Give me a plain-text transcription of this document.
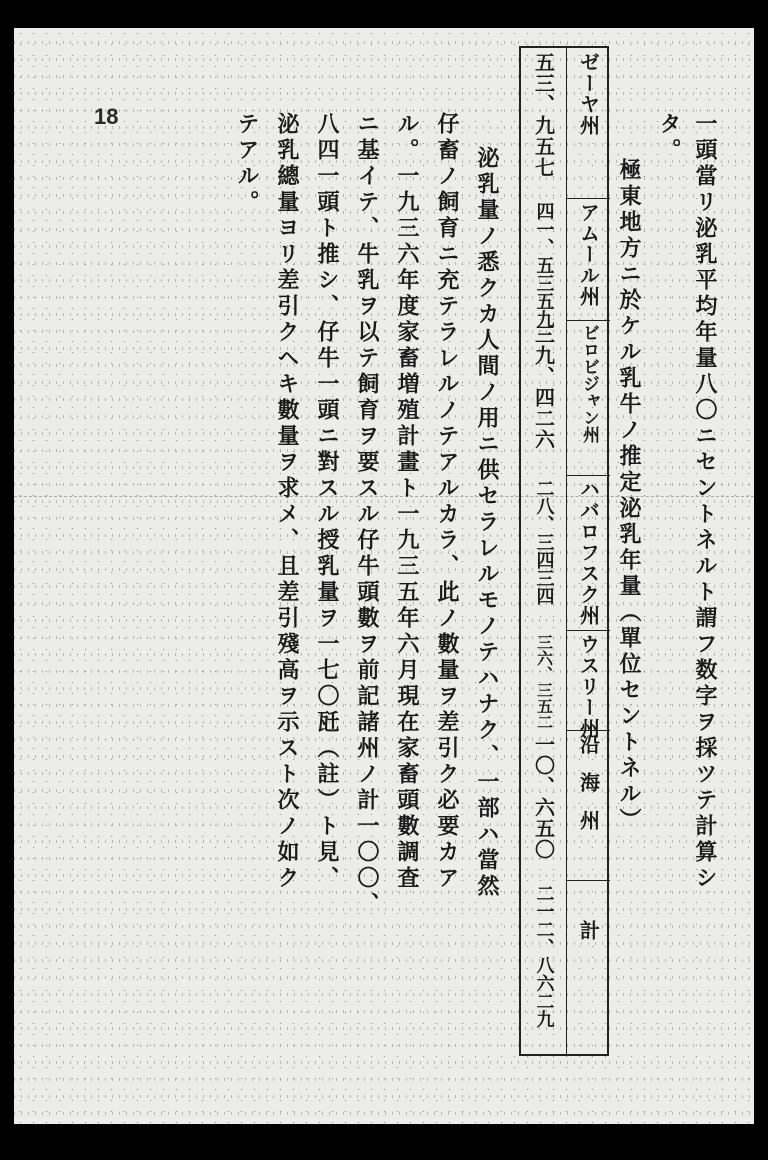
18	一頭當リ泌乳平均年量八〇ニセントネルト謂フ数字ヲ採ツテ計算シ
タ。
極東地方ニ於ケル乳牛ノ推定泌乳年量（單位セントネル）
ゼーヤ州
アムール州
ビロビジャン州
ハバロフスク州
ウスリー州
沿海州
計
五三、九五七
四一、五三五九
三九、四二六
二八、三四三四
三六、三五二
一〇、六五〇
二一二、八六二九
泌乳量ノ悉クカ人間ノ用ニ供セラレルモノテハナク、一部ハ當然
仔畜ノ飼育ニ充テラレルノテアルカラ、此ノ數量ヲ差引ク必要カア
ル。一九三六年度家畜増殖計畫ト一九三五年六月現在家畜頭數調査
ニ基イテ、牛乳ヲ以テ飼育ヲ要スル仔牛頭數ヲ前記諸州ノ計一〇〇、
八四一頭ト推シ、仔牛一頭ニ對スル授乳量ヲ一七〇瓩（註）ト見、
泌乳總量ヨリ差引クヘキ數量ヲ求メ、且差引殘高ヲ示スト次ノ如ク
テアル。
